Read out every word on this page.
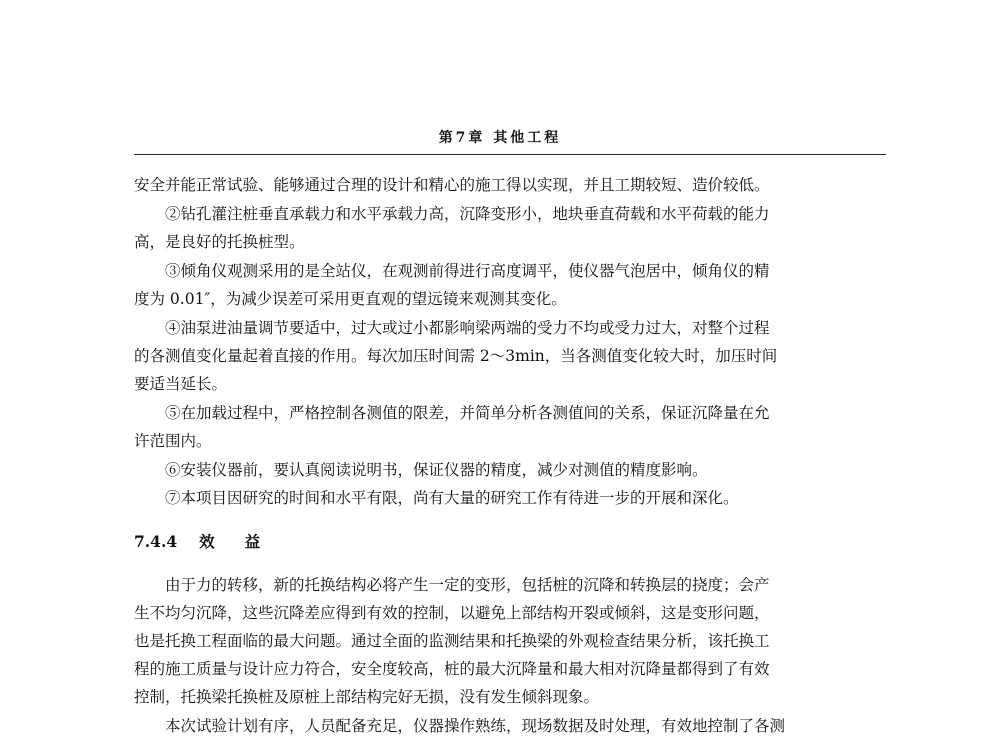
第7章 其他工程
安全并能正常试验、能够通过合理的设计和精心的施工得以实现，并且工期较短、造价较低。
②钻孔灌注桩垂直承载力和水平承载力高，沉降变形小，地块垂直荷载和水平荷载的能力
高，是良好的托换桩型。
③倾角仪观测采用的是全站仪，在观测前得进行高度调平，使仪器气泡居中，倾角仪的精
度为 0.01″，为减少误差可采用更直观的望远镜来观测其变化。
④油泵进油量调节要适中，过大或过小都影响梁两端的受力不均或受力过大，对整个过程
的各测值变化量起着直接的作用。每次加压时间需 2～3min，当各测值变化较大时，加压时间
要适当延长。
⑤在加载过程中，严格控制各测值的限差，并简单分析各测值间的关系，保证沉降量在允
许范围内。
⑥安装仪器前，要认真阅读说明书，保证仪器的精度，减少对测值的精度影响。
⑦本项目因研究的时间和水平有限，尚有大量的研究工作有待进一步的开展和深化。
7.4.4 效益
由于力的转移，新的托换结构必将产生一定的变形，包括桩的沉降和转换层的挠度；会产
生不均匀沉降，这些沉降差应得到有效的控制，以避免上部结构开裂或倾斜，这是变形问题，
也是托换工程面临的最大问题。通过全面的监测结果和托换梁的外观检查结果分析，该托换工
程的施工质量与设计应力符合，安全度较高，桩的最大沉降量和最大相对沉降量都得到了有效
控制，托换梁托换桩及原桩上部结构完好无损，没有发生倾斜现象。
本次试验计划有序，人员配备充足，仪器操作熟练，现场数据及时处理，有效地控制了各测
